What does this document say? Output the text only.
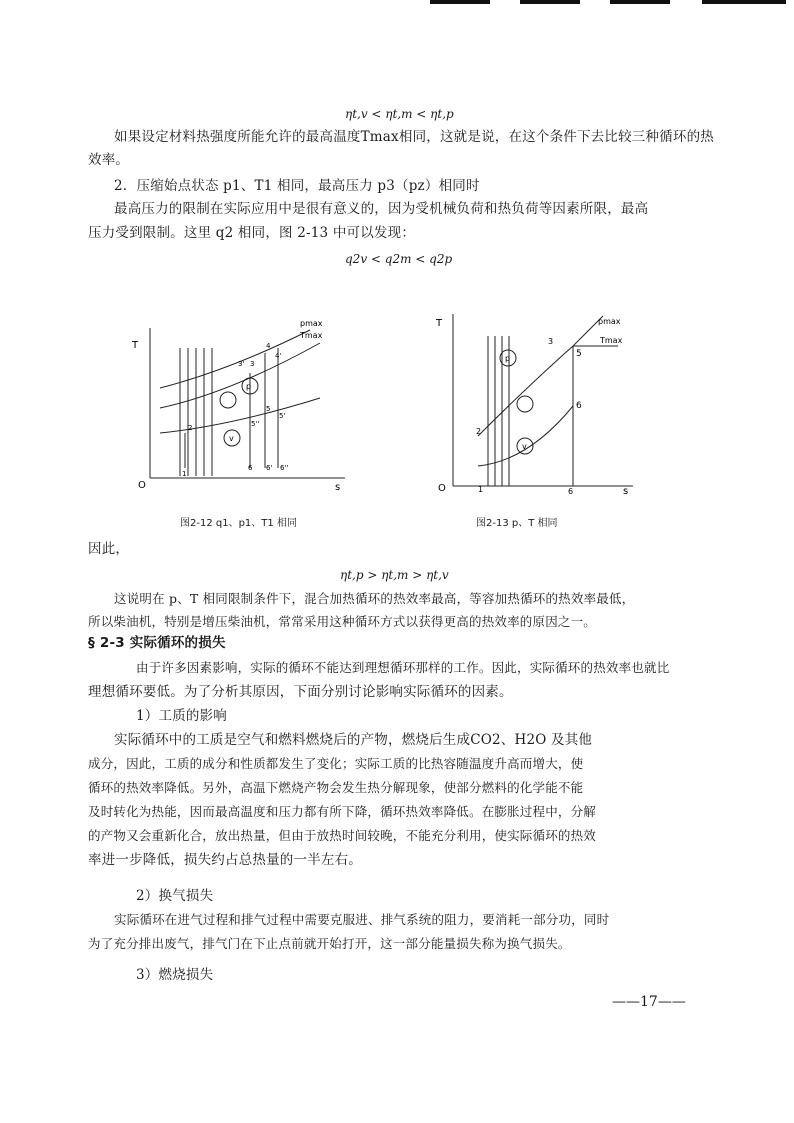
ηt,v < ηt,m < ηt,p
如果设定材料热强度所能允许的最高温度Tmax相同，这就是说，在这个条件下去比较三种循环的热
效率。
2．压缩始点状态 p1、T1 相同，最高压力 p3（pz）相同时
最高压力的限制在实际应用中是很有意义的，因为受机械负荷和热负荷等因素所限，最高
压力受到限制。这里 q2 相同，图 2-13 中可以发现：
q2v < q2m < q2p
T
s
O
Tmax
pmax
p
v
1
2
3
4
5
5'
5''
6 6' 6''
3'
4'
图2-12 q1、p1、T1 相同
T
s
O
pmax
Tmax
p
v
5
6
1
2
3
6
图2-13 p、T 相同
因此，
ηt,p > ηt,m > ηt,v
这说明在 p、T 相同限制条件下，混合加热循环的热效率最高，等容加热循环的热效率最低，
所以柴油机，特别是增压柴油机，常常采用这种循环方式以获得更高的热效率的原因之一。
§ 2-3 实际循环的损失
由于许多因素影响，实际的循环不能达到理想循环那样的工作。因此，实际循环的热效率也就比
理想循环要低。为了分析其原因，下面分别讨论影响实际循环的因素。
1）工质的影响
实际循环中的工质是空气和燃料燃烧后的产物，燃烧后生成CO2、H2O 及其他
成分，因此，工质的成分和性质都发生了变化；实际工质的比热容随温度升高而增大，使
循环的热效率降低。另外，高温下燃烧产物会发生热分解现象，使部分燃料的化学能不能
及时转化为热能，因而最高温度和压力都有所下降，循环热效率降低。在膨胀过程中，分解
的产物又会重新化合，放出热量，但由于放热时间较晚，不能充分利用，使实际循环的热效
率进一步降低，损失约占总热量的一半左右。
2）换气损失
实际循环在进气过程和排气过程中需要克服进、排气系统的阻力，要消耗一部分功，同时
为了充分排出废气，排气门在下止点前就开始打开，这一部分能量损失称为换气损失。
3）燃烧损失
——17——
